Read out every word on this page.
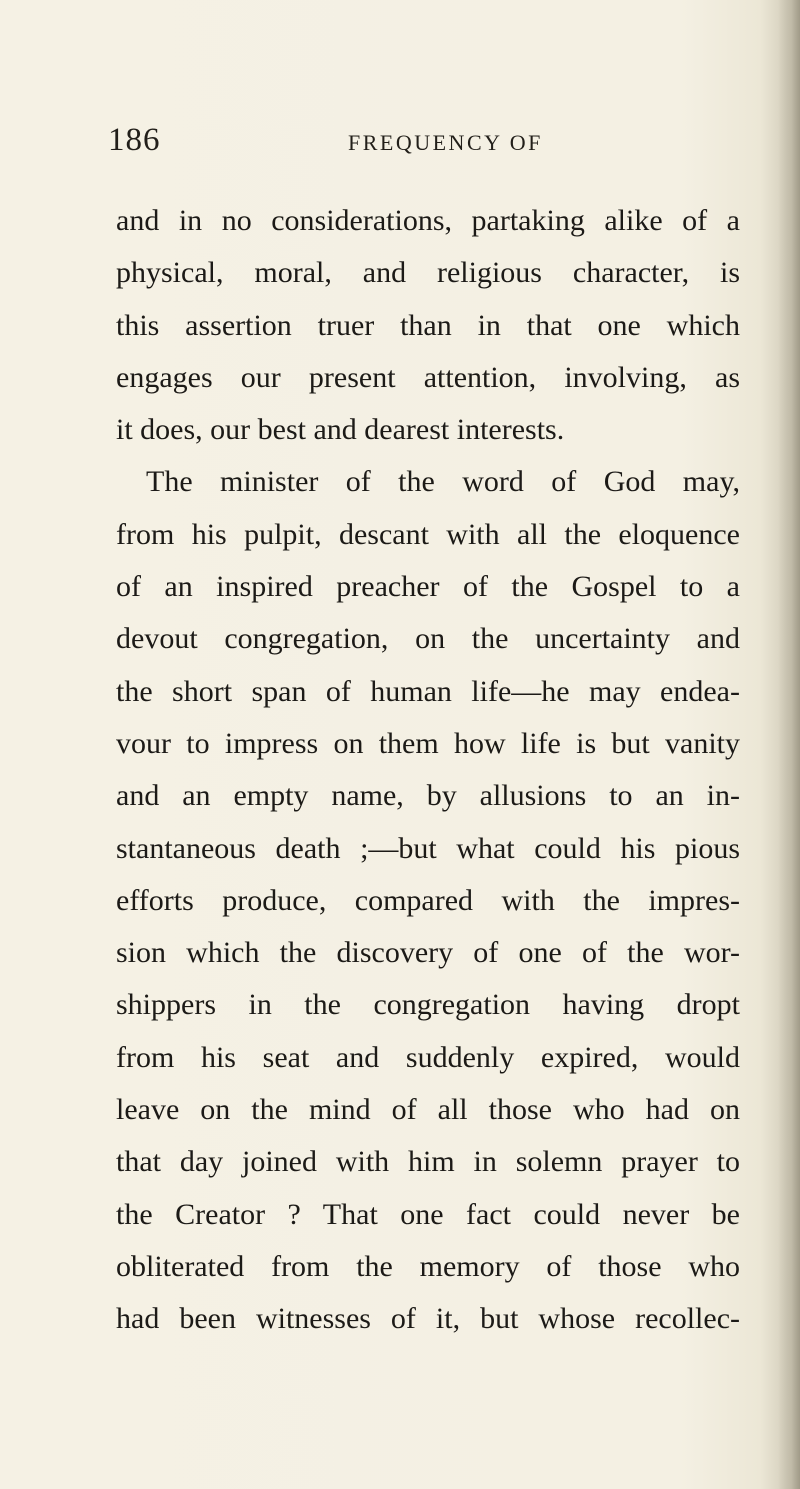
186	FREQUENCY OF
and in no considerations, partaking alike of a
physical, moral, and religious character, is
this assertion truer than in that one which
engages our present attention, involving, as
it does, our best and dearest interests.
The minister of the word of God may,
from his pulpit, descant with all the eloquence
of an inspired preacher of the Gospel to a
devout congregation, on the uncertainty and
the short span of human life—he may endea-
vour to impress on them how life is but vanity
and an empty name, by allusions to an in-
stantaneous death ;—but what could his pious
efforts produce, compared with the impres-
sion which the discovery of one of the wor-
shippers in the congregation having dropt
from his seat and suddenly expired, would
leave on the mind of all those who had on
that day joined with him in solemn prayer to
the Creator ? That one fact could never be
obliterated from the memory of those who
had been witnesses of it, but whose recollec-
